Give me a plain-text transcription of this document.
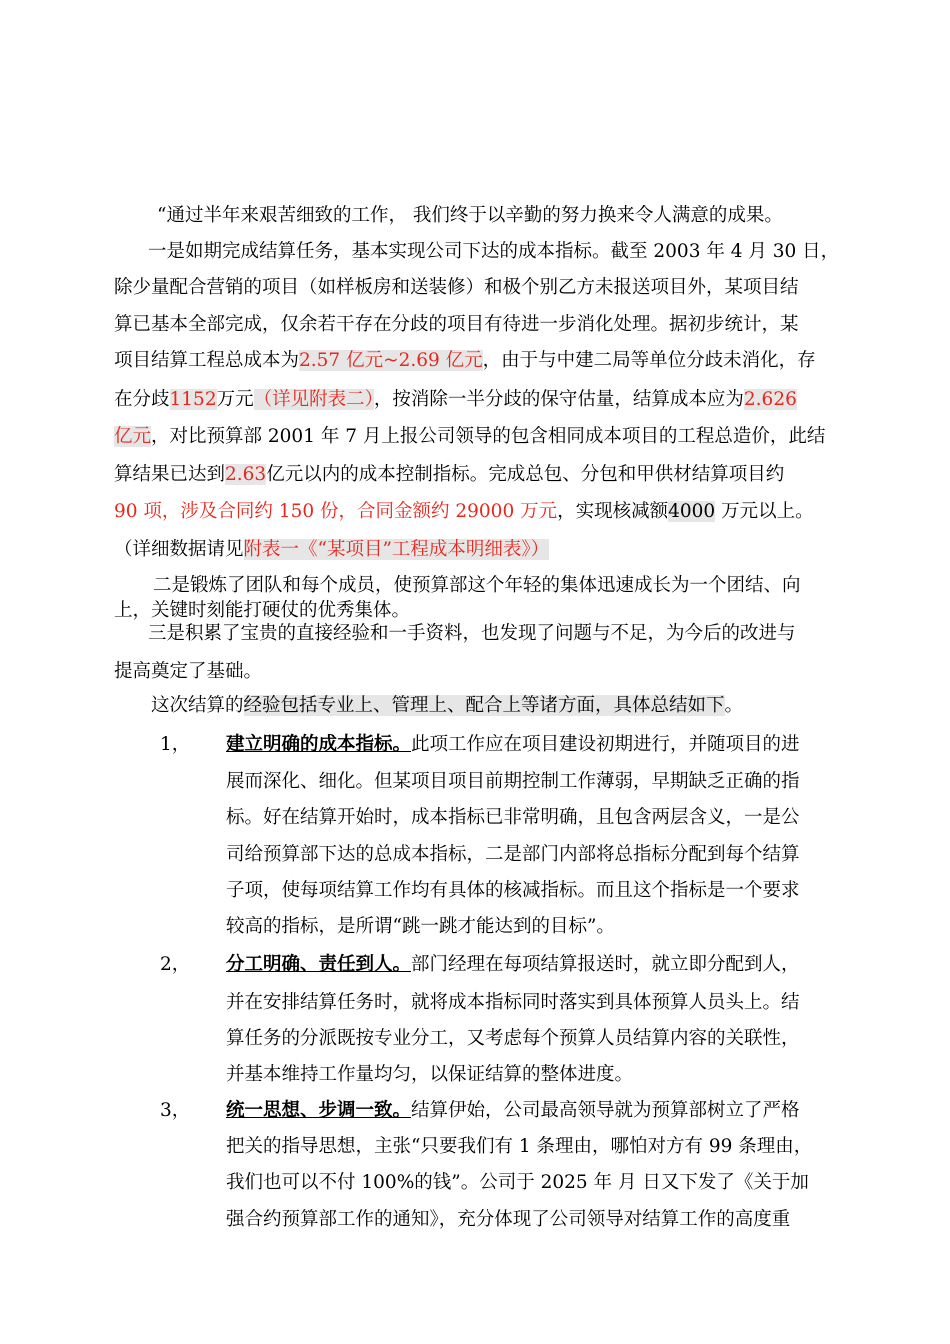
“通过半年来艰苦细致的工作， 我们终于以辛勤的努力换来令人满意的成果。
一是如期完成结算任务，基本实现公司下达的成本指标。截至 2003 年 4 月 30 日，
除少量配合营销的项目（如样板房和送装修）和极个别乙方未报送项目外，某项目结
算已基本全部完成，仅余若干存在分歧的项目有待进一步消化处理。据初步统计，某
项目结算工程总成本为2.57 亿元~2.69 亿元，由于与中建二局等单位分歧未消化，存
在分歧1152万元（详见附表二），按消除一半分歧的保守估量，结算成本应为2.626
亿元，对比预算部 2001 年 7 月上报公司领导的包含相同成本项目的工程总造价，此结
算结果已达到2.63亿元以内的成本控制指标。完成总包、分包和甲供材结算项目约
90 项，涉及合同约 150 份，合同金额约 29000 万元，实现核减额4000 万元以上。
（详细数据请见附表一《“某项目”工程成本明细表》）
二是锻炼了团队和每个成员，使预算部这个年轻的集体迅速成长为一个团结、向
上，关键时刻能打硬仗的优秀集体。
三是积累了宝贵的直接经验和一手资料，也发现了问题与不足，为今后的改进与
提高奠定了基础。
这次结算的经验包括专业上、管理上、配合上等诸方面，具体总结如下。
1， 建立明确的成本指标。此项工作应在项目建设初期进行，并随项目的进
展而深化、细化。但某项目项目前期控制工作薄弱，早期缺乏正确的指
标。好在结算开始时，成本指标已非常明确，且包含两层含义，一是公
司给预算部下达的总成本指标，二是部门内部将总指标分配到每个结算
子项，使每项结算工作均有具体的核减指标。而且这个指标是一个要求
较高的指标，是所谓“跳一跳才能达到的目标”。
2， 分工明确、责任到人。部门经理在每项结算报送时，就立即分配到人，
并在安排结算任务时，就将成本指标同时落实到具体预算人员头上。结
算任务的分派既按专业分工，又考虑每个预算人员结算内容的关联性，
并基本维持工作量均匀，以保证结算的整体进度。
3， 统一思想、步调一致。结算伊始，公司最高领导就为预算部树立了严格
把关的指导思想，主张“只要我们有 1 条理由，哪怕对方有 99 条理由，
我们也可以不付 100%的钱”。公司于 2025 年 月 日又下发了《关于加
强合约预算部工作的通知》，充分体现了公司领导对结算工作的高度重
